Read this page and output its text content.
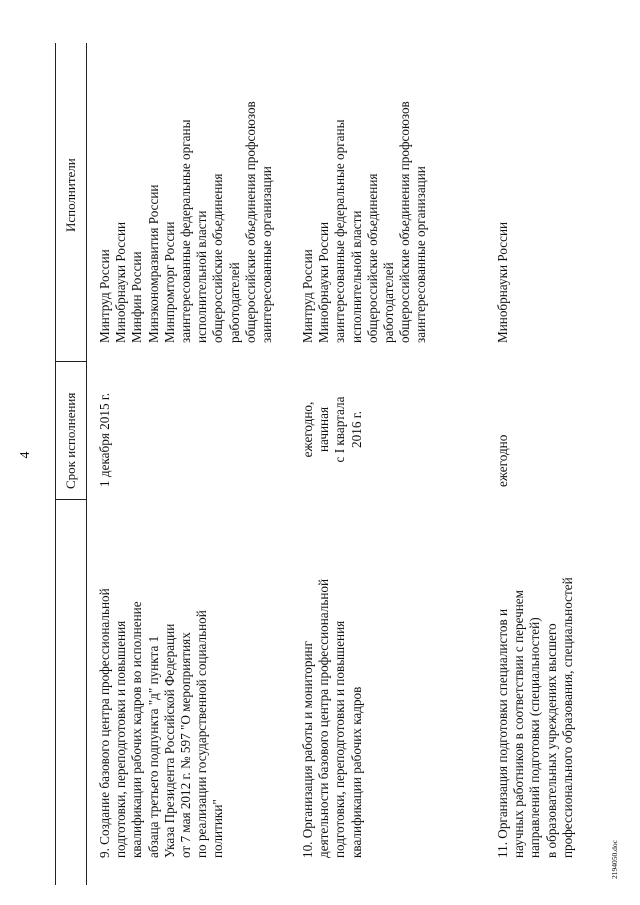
4 Срок исполнения
Исполнители
9. Создание базового центра профессиональной подготовки, переподготовки и повышения квалификации рабочих кадров во исполнение абзаца третьего подпункта "д" пункта 1 Указа Президента Российской Федерации от 7 мая 2012 г. № 597 "О мероприятиях по реализации государственной социальной политики"
1 декабря 2015 г.
Минтруд России Минобрнауки России Минфин России Минэкономразвития России Минпромторг России заинтересованные федеральные органы исполнительной власти общероссийские объединения работодателей общероссийские объединения профсоюзов заинтересованные организации
10. Организация работы и мониторинг деятельности базового центра профессиональной подготовки, переподготовки и повышения квалификации рабочих кадров
ежегодно, начиная с I квартала 2016 г.
Минтруд России Минобрнауки России заинтересованные федеральные органы исполнительной власти общероссийские объединения работодателей общероссийские объединения профсоюзов заинтересованные организации
11. Организация подготовки специалистов и научных работников в соответствии с перечнем направлений подготовки (специальностей) в образовательных учреждениях высшего профессионального образования, специальностей
ежегодно
Минобрнауки России
2194050.doc
